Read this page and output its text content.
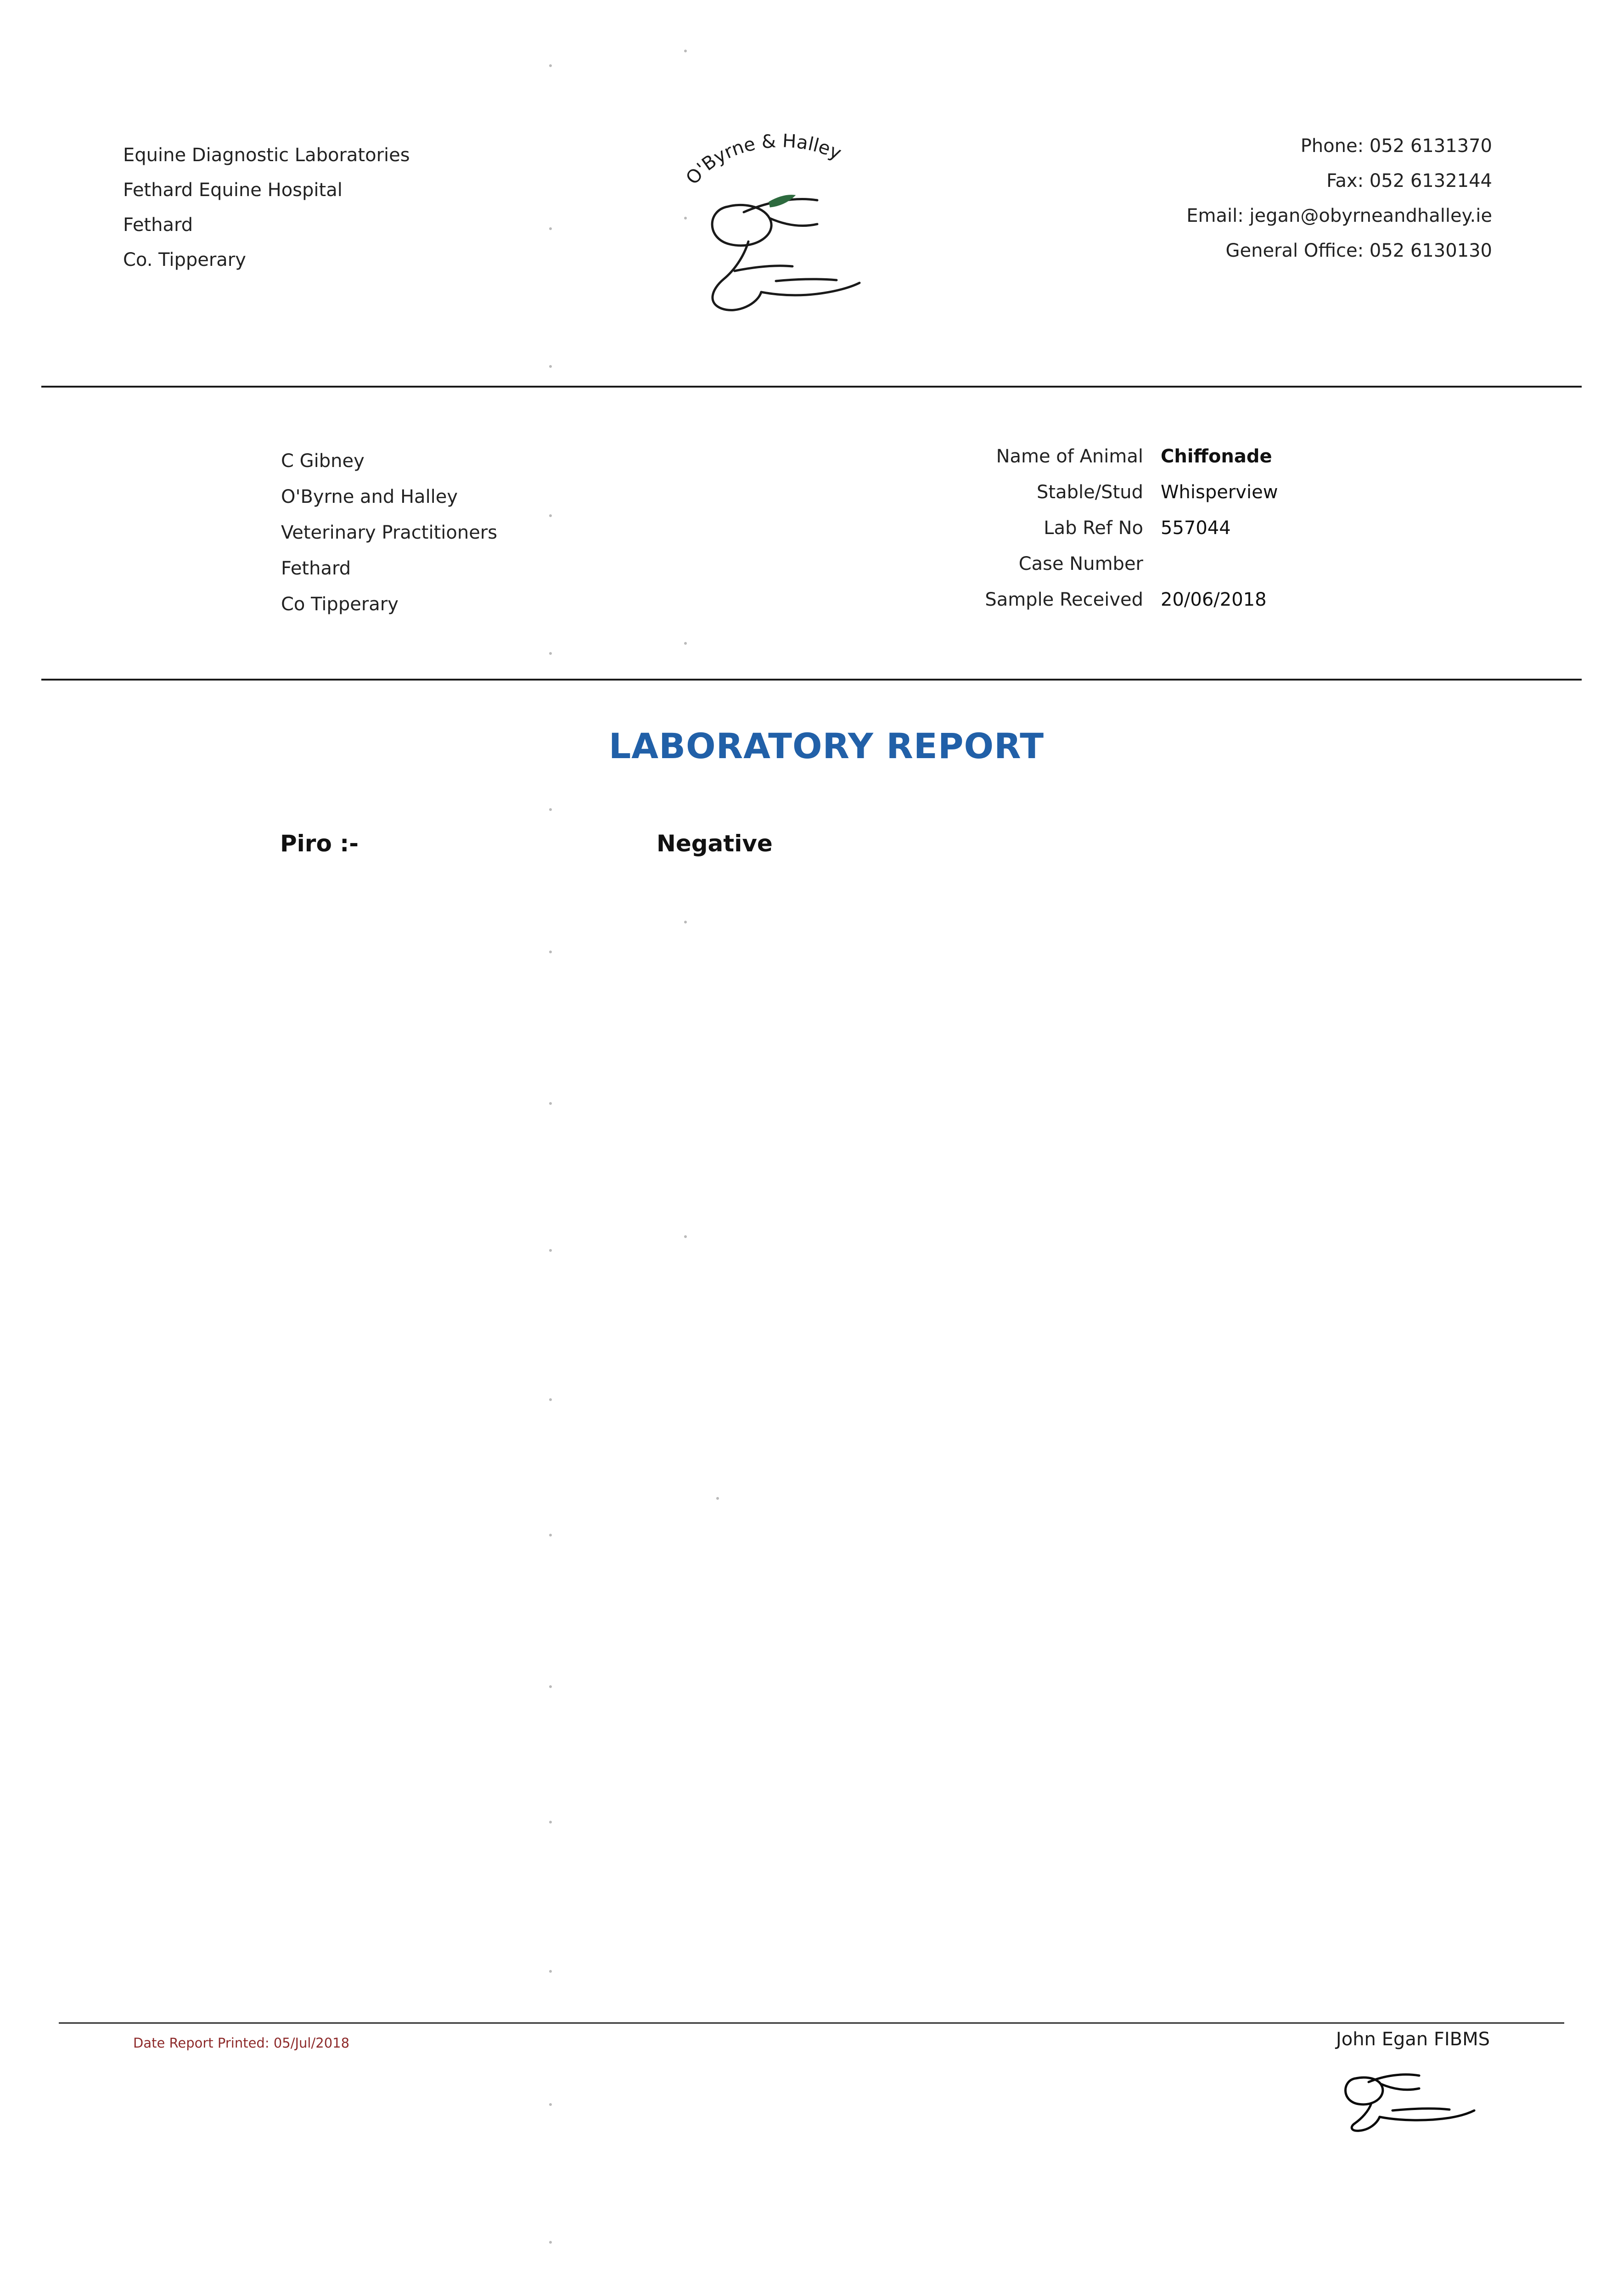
Equine Diagnostic Laboratories
Fethard Equine Hospital
Fethard
Co. Tipperary
O'Byrne & Halley	Phone: 052 6131370
Fax: 052 6132144
Email: jegan@obyrneandhalley.ie
General Office: 052 6130130
C Gibney
O'Byrne and Halley
Veterinary Practitioners
Fethard
Co Tipperary
Name of Animal Chiffonade
Stable/Stud Whisperview
Lab Ref No 557044
Case Number
Sample Received 20/06/2018
LABORATORY REPORT
Piro :-	Negative
Date Report Printed: 05/Jul/2018	John Egan FIBMS
